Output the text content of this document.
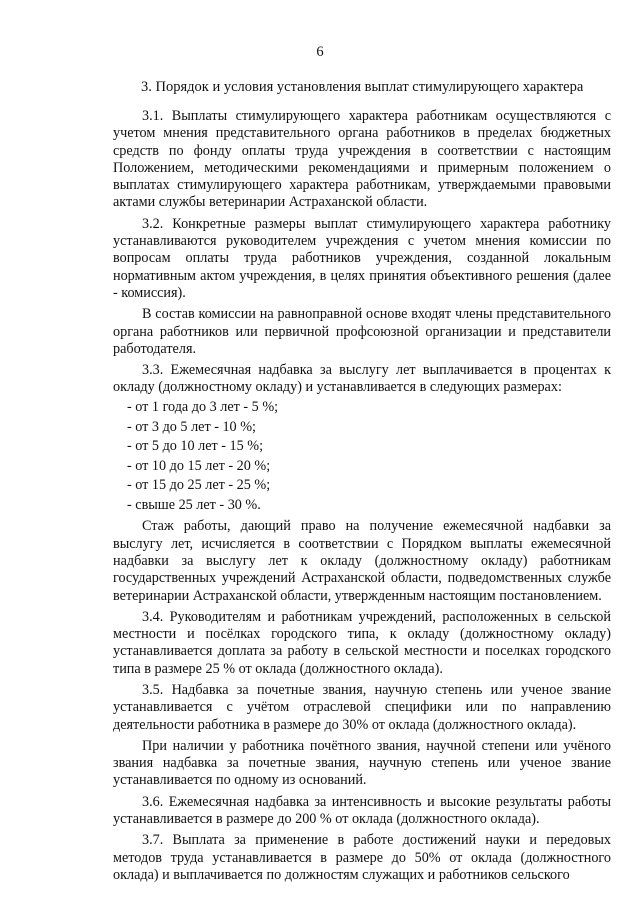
6
3. Порядок и условия установления выплат стимулирующего характера

3.1. Выплаты стимулирующего характера работникам осуществляются с учетом мнения представительного органа работников в пределах бюджетных средств по фонду оплаты труда учреждения в соответствии с настоящим Положением, методическими рекомендациями и примерным положением о выплатах стимулирующего характера работникам, утверждаемыми правовыми актами службы ветеринарии Астраханской области.

3.2. Конкретные размеры выплат стимулирующего характера работнику устанавливаются руководителем учреждения с учетом мнения комиссии по вопросам оплаты труда работников учреждения, созданной локальным нормативным актом учреждения, в целях принятия объективного решения (далее - комиссия).

В состав комиссии на равноправной основе входят члены представительного органа работников или первичной профсоюзной организации и представители работодателя.

3.3. Ежемесячная надбавка за выслугу лет выплачивается в процентах к окладу (должностному окладу) и устанавливается в следующих размерах:

- от 1 года до 3 лет - 5 %;

- от 3 до 5 лет - 10 %;

- от 5 до 10 лет - 15 %;

- от 10 до 15 лет - 20 %;

- от 15 до 25 лет - 25 %;

- свыше 25 лет - 30 %.

Стаж работы, дающий право на получение ежемесячной надбавки за выслугу лет, исчисляется в соответствии с Порядком выплаты ежемесячной надбавки за выслугу лет к окладу (должностному окладу) работникам государственных учреждений Астраханской области, подведомственных службе ветеринарии Астраханской области, утвержденным настоящим постановлением.

3.4. Руководителям и работникам учреждений, расположенных в сельской местности и посёлках городского типа, к окладу (должностному окладу) устанавливается доплата за работу в сельской местности и поселках городского типа в размере 25 % от оклада (должностного оклада).

3.5. Надбавка за почетные звания, научную степень или ученое звание устанавливается с учётом отраслевой специфики или по направлению деятельности работника в размере до 30% от оклада (должностного оклада).

При наличии у работника почётного звания, научной степени или учёного звания надбавка за почетные звания, научную степень или ученое звание устанавливается по одному из оснований.

3.6. Ежемесячная надбавка за интенсивность и высокие результаты работы устанавливается в размере до 200 % от оклада (должностного оклада).

3.7. Выплата за применение в работе достижений науки и передовых методов труда устанавливается в размере до 50% от оклада (должностного оклада) и выплачивается по должностям служащих и работников сельского
